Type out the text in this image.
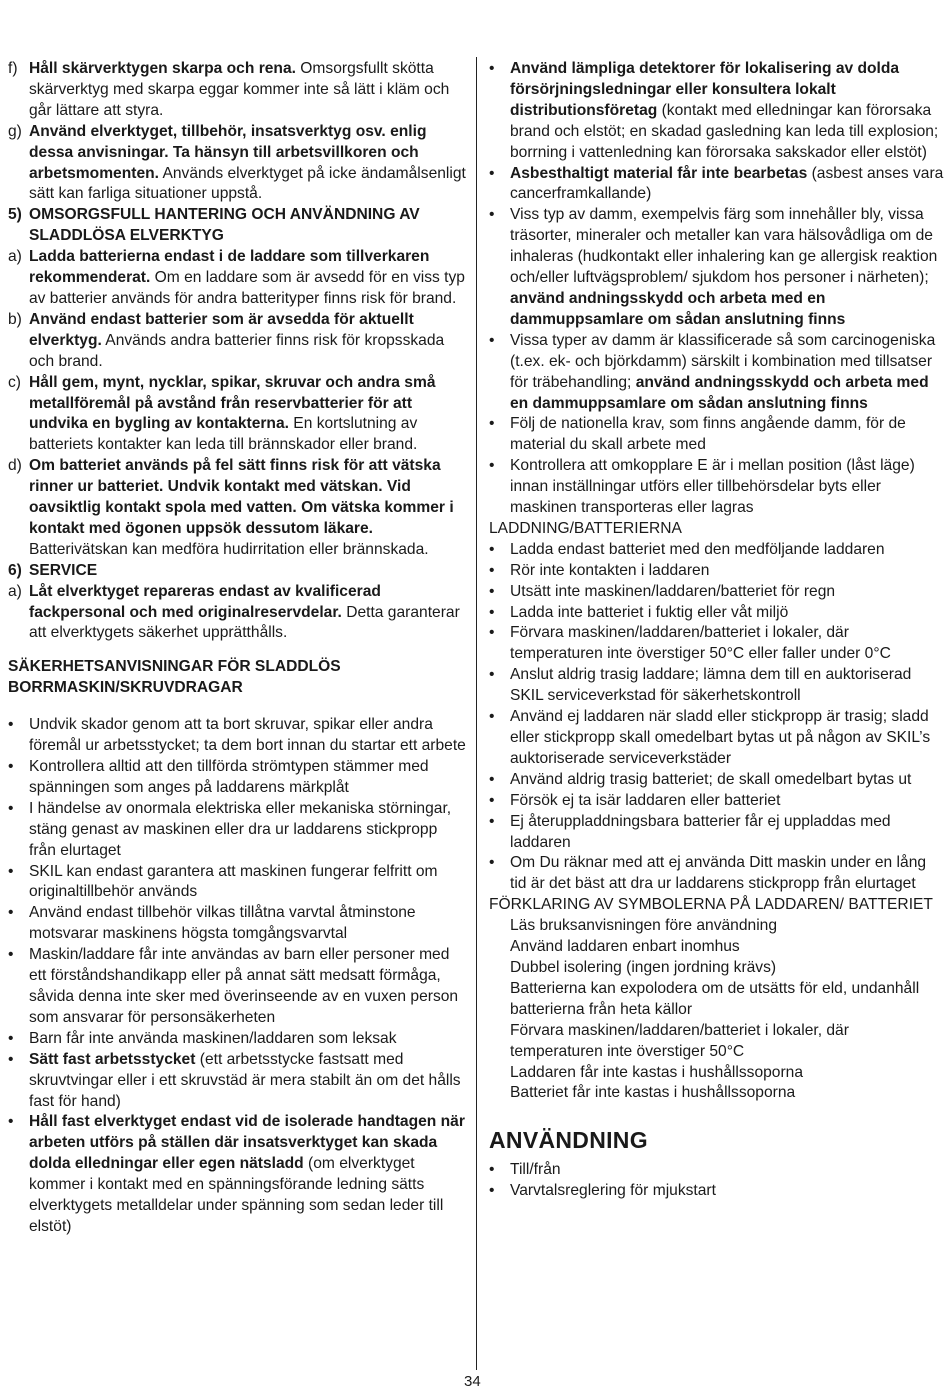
f) Håll skärverktygen skarpa och rena. Omsorgsfullt skötta skärverktyg med skarpa eggar kommer inte så lätt i kläm och går lättare att styra.
g) Använd elverktyget, tillbehör, insatsverktyg osv. enlig dessa anvisningar. Ta hänsyn till arbetsvillkoren och arbetsmomenten. Används elverktyget på icke ändamålsenligt sätt kan farliga situationer uppstå.
5) OMSORGSFULL HANTERING OCH ANVÄNDNING AV SLADDLÖSA ELVERKTYG
a) Ladda batterierna endast i de laddare som tillverkaren rekommenderat. Om en laddare som är avsedd för en viss typ av batterier används för andra batterityper finns risk för brand.
b) Använd endast batterier som är avsedda för aktuellt elverktyg. Används andra batterier finns risk för kropsskada och brand.
c) Håll gem, mynt, nycklar, spikar, skruvar och andra små metallföremål på avstånd från reservbatterier för att undvika en bygling av kontakterna. En kortslutning av batteriets kontakter kan leda till brännskador eller brand.
d) Om batteriet används på fel sätt finns risk för att vätska rinner ur batteriet. Undvik kontakt med vätskan. Vid oavsiktlig kontakt spola med vatten. Om vätska kommer i kontakt med ögonen uppsök dessutom läkare. Batterivätskan kan medföra hudirritation eller brännskada.
6) SERVICE
a) Låt elverktyget repareras endast av kvalificerad fackpersonal och med originalreservdelar. Detta garanterar att elverktygets säkerhet upprätthålls.
SÄKERHETSANVISNINGAR FÖR SLADDLÖS BORRMASKIN/SKRUVDRAGAR
• Undvik skador genom att ta bort skruvar, spikar eller andra föremål ur arbetsstycket; ta dem bort innan du startar ett arbete
• Kontrollera alltid att den tillförda strömtypen stämmer med spänningen som anges på laddarens märkplåt
• I händelse av onormala elektriska eller mekaniska störningar, stäng genast av maskinen eller dra ur laddarens stickpropp från elurtaget
• SKIL kan endast garantera att maskinen fungerar felfritt om originaltillbehör används
• Använd endast tillbehör vilkas tillåtna varvtal åtminstone motsvarar maskinens högsta tomgångsvarvtal
• Maskin/laddare får inte användas av barn eller personer med ett förståndshandikapp eller på annat sätt medsatt förmåga, såvida denna inte sker med överinseende av en vuxen person som ansvarar för personsäkerheten
• Barn får inte använda maskinen/laddaren som leksak
• Sätt fast arbetsstycket (ett arbetsstycke fastsatt med skruvtvingar eller i ett skruvstäd är mera stabilt än om det hålls fast för hand)
• Håll fast elverktyget endast vid de isolerade handtagen när arbeten utförs på ställen där insatsverktyget kan skada dolda elledningar eller egen nätsladd (om elverktyget kommer i kontakt med en spänningsförande ledning sätts elverktygets metalldelar under spänning som sedan leder till elstöt)
• Använd lämpliga detektorer för lokalisering av dolda försörjningsledningar eller konsultera lokalt distributionsföretag (kontakt med elledningar kan förorsaka brand och elstöt; en skadad gasledning kan leda till explosion; borrning i vattenledning kan förorsaka sakskador eller elstöt)
• Asbesthaltigt material får inte bearbetas (asbest anses vara cancerframkallande)
• Viss typ av damm, exempelvis färg som innehåller bly, vissa träsorter, mineraler och metaller kan vara hälsovådliga om de inhaleras (hudkontakt eller inhalering kan ge allergisk reaktion och/eller luftvägsproblem/ sjukdom hos personer i närheten); använd andningsskydd och arbeta med en dammuppsamlare om sådan anslutning finns
• Vissa typer av damm är klassificerade så som carcinogeniska (t.ex. ek- och björkdamm) särskilt i kombination med tillsatser för träbehandling; använd andningsskydd och arbeta med en dammuppsamlare om sådan anslutning finns
• Följ de nationella krav, som finns angående damm, för de material du skall arbete med
• Kontrollera att omkopplare E är i mellan position (låst läge) innan inställningar utförs eller tillbehörsdelar byts eller maskinen transporteras eller lagras
LADDNING/BATTERIERNA
• Ladda endast batteriet med den medföljande laddaren
• Rör inte kontakten i laddaren
• Utsätt inte maskinen/laddaren/batteriet för regn
• Ladda inte batteriet i fuktig eller våt miljö
• Förvara maskinen/laddaren/batteriet i lokaler, där temperaturen inte överstiger 50°C eller faller under 0°C
• Anslut aldrig trasig laddare; lämna dem till en auktoriserad SKIL serviceverkstad för säkerhetskontroll
• Använd ej laddaren när sladd eller stickpropp är trasig; sladd eller stickpropp skall omedelbart bytas ut på någon av SKIL’s auktoriserade serviceverkstäder
• Använd aldrig trasig batteriet; de skall omedelbart bytas ut
• Försök ej ta isär laddaren eller batteriet
• Ej återuppladdningsbara batterier får ej uppladdas med laddaren
• Om Du räknar med att ej använda Ditt maskin under en lång tid är det bäst att dra ur laddarens stickpropp från elurtaget
FÖRKLARING AV SYMBOLERNA PÅ LADDAREN/ BATTERIET
Läs bruksanvisningen före användning
Använd laddaren enbart inomhus
Dubbel isolering (ingen jordning krävs)
Batterierna kan expolodera om de utsätts för eld, undanhåll batterierna från heta källor
Förvara maskinen/laddaren/batteriet i lokaler, där temperaturen inte överstiger 50°C
Laddaren får inte kastas i hushållssoporna
Batteriet får inte kastas i hushållssoporna
ANVÄNDNING
• Till/från
• Varvtalsreglering för mjukstart
34
